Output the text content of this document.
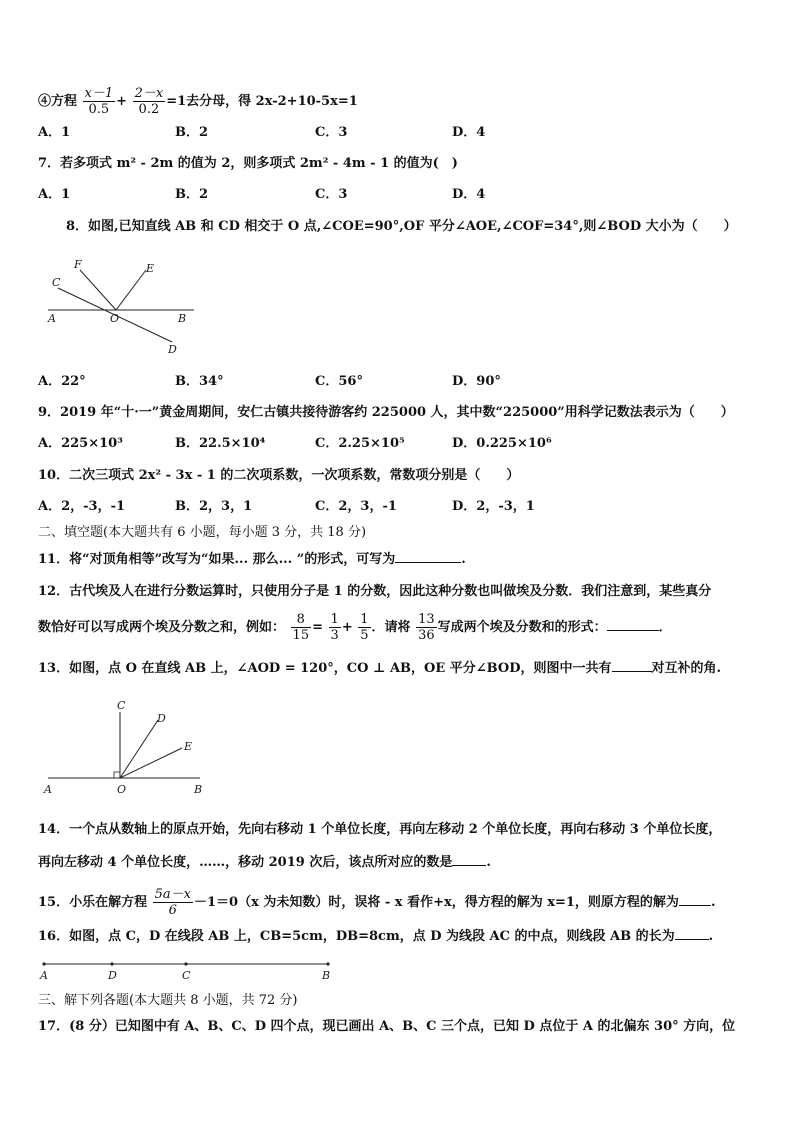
④方程 $\frac{x-1}{0.5} + \frac{2-x}{0.2} =1$去分母，得 2x-2+10-5x=1
A．1	B．2	C．3	D．4
7．若多项式 m² - 2m 的值为 2，则多项式 2m² - 4m - 1 的值为(　)
A．1	B．2	C．3	D．4
8．如图,已知直线 AB 和 CD 相交于 O 点,∠COE=90°,OF 平分∠AOE,∠COF=34°,则∠BOD 大小为（　　）
F	E
C
A	O	B
D
A．22°	B．34°	C．56°	D．90°
9．2019 年“十·一”黄金周期间，安仁古镇共接待游客约 225000 人，其中数“225000”用科学记数法表示为（　　）
A．225×10³	B．22.5×10⁴	C．2.25×10⁵	D．0.225×10⁶
10．二次三项式 2x² - 3x - 1 的二次项系数，一次项系数，常数项分别是（　　）
A．2，-3，-1	B．2，3，1	C．2，3，-1	D．2，-3，1
二、填空题(本大题共有 6 小题，每小题 3 分，共 18 分)
11．将“对顶角相等”改写为“如果... 那么... ”的形式，可写为	.
12．古代埃及人在进行分数运算时，只使用分子是 1 的分数，因此这种分数也叫做埃及分数．我们注意到，某些真分
数恰好可以写成两个埃及分数之和，例如： $\frac{8}{15} = \frac{1}{3} + \frac{1}{5}$ ．请将 $\frac{13}{36}$ 写成两个埃及分数和的形式：	．
13．如图，点 O 在直线 AB 上，∠AOD = 120°，CO ⊥ AB，OE 平分∠BOD，则图中一共有	对互补的角.
C
D
E
A	O	B
14．一个点从数轴上的原点开始，先向右移动 1 个单位长度，再向左移动 2 个单位长度，再向右移动 3 个单位长度，
再向左移动 4 个单位长度，……，移动 2019 次后，该点所对应的数是	.
15．小乐在解方程 $\frac{5a-x}{6} -1=0(x$ 为未知数）时，误将 - x 看作+x，得方程的解为 x=1，则原方程的解为 .
16．如图，点 C，D 在线段 AB 上，CB=5cm，DB=8cm，点 D 为线段 AC 的中点，则线段 AB 的长为	.
A	D	C	B
三、解下列各题(本大题共 8 小题，共 72 分)
17．(8 分）已知图中有 A、B、C、D 四个点，现已画出 A、B、C 三个点，已知 D 点位于 A 的北偏东 30° 方向，位
